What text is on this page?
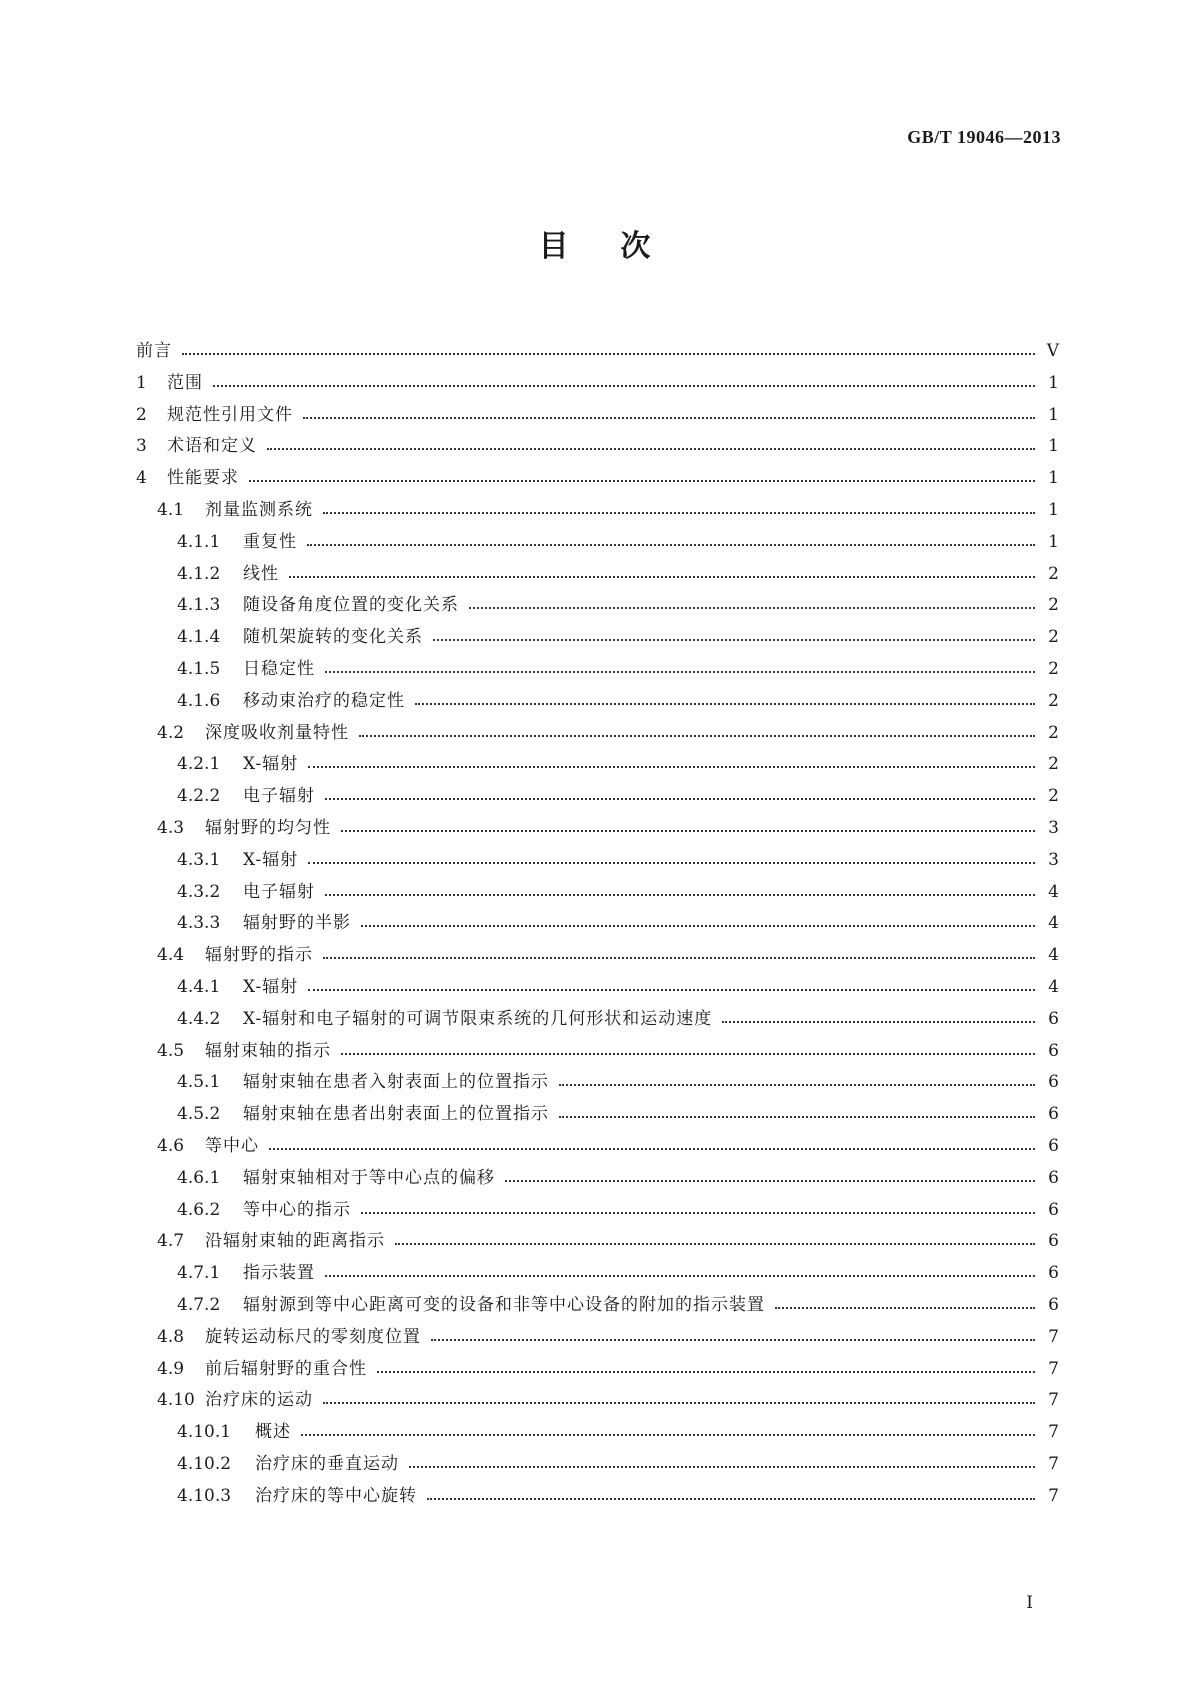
GB/T 19046—2013
目    次
前言	V
1	范围	1
2	规范性引用文件	1
3	术语和定义	1
4	性能要求	1
4.1	剂量监测系统	1
4.1.1	重复性	1
4.1.2	线性	2
4.1.3	随设备角度位置的变化关系	2
4.1.4	随机架旋转的变化关系	2
4.1.5	日稳定性	2
4.1.6	移动束治疗的稳定性	2
4.2	深度吸收剂量特性	2
4.2.1	X-辐射	2
4.2.2	电子辐射	2
4.3	辐射野的均匀性	3
4.3.1	X-辐射	3
4.3.2	电子辐射	4
4.3.3	辐射野的半影	4
4.4	辐射野的指示	4
4.4.1	X-辐射	4
4.4.2	X-辐射和电子辐射的可调节限束系统的几何形状和运动速度	6
4.5	辐射束轴的指示	6
4.5.1	辐射束轴在患者入射表面上的位置指示	6
4.5.2	辐射束轴在患者出射表面上的位置指示	6
4.6	等中心	6
4.6.1	辐射束轴相对于等中心点的偏移	6
4.6.2	等中心的指示	6
4.7	沿辐射束轴的距离指示	6
4.7.1	指示装置	6
4.7.2	辐射源到等中心距离可变的设备和非等中心设备的附加的指示装置	6
4.8	旋转运动标尺的零刻度位置	7
4.9	前后辐射野的重合性	7
4.10 治疗床的运动	7
4.10.1	概述	7
4.10.2	治疗床的垂直运动	7
4.10.3	治疗床的等中心旋转	7
I
